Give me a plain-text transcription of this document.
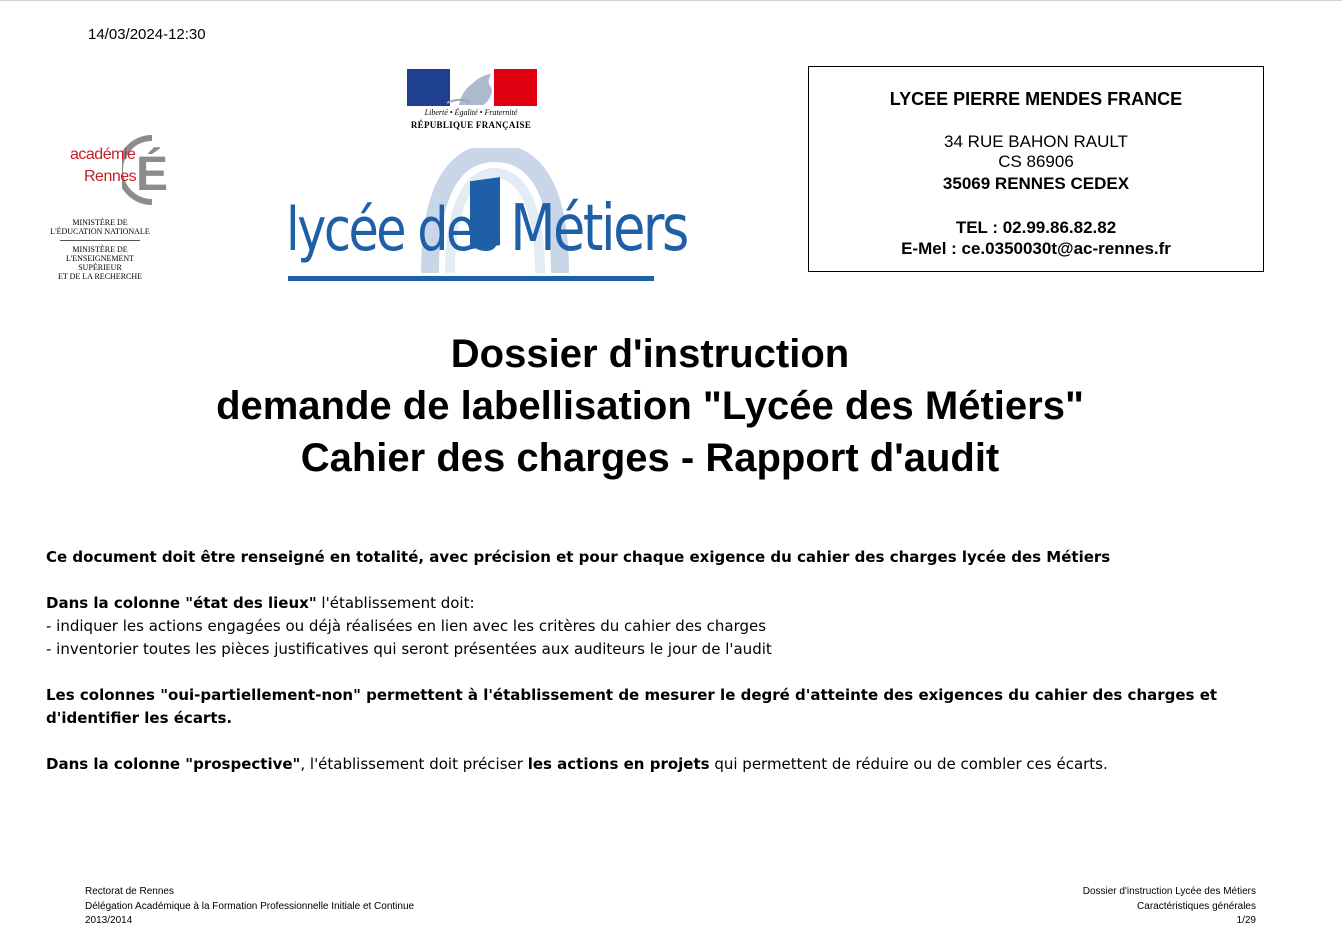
14/03/2024-12:30
É
académie
Rennes
MINISTÈRE DE
L'ÉDUCATION NATIONALE
MINISTÈRE DE
L'ENSEIGNEMENT SUPÉRIEUR
ET DE LA RECHERCHE
Liberté • Égalité • Fraternité
RÉPUBLIQUE FRANÇAISE
lycée des Métiers
LYCEE PIERRE MENDES FRANCE
34 RUE BAHON RAULT
CS 86906
35069 RENNES CEDEX
TEL : 02.99.86.82.82
E-Mel : ce.0350030t@ac-rennes.fr
Dossier d'instruction
demande de labellisation "Lycée des Métiers"
Cahier des charges - Rapport d'audit

Ce document doit être renseigné en totalité, avec précision et pour chaque exigence du cahier des charges lycée des Métiers

Dans la colonne "état des lieux" l'établissement doit:
- indiquer les actions engagées ou déjà réalisées en lien avec les critères du cahier des charges
- inventorier toutes les pièces justificatives qui seront présentées aux auditeurs le jour de l'audit

Les colonnes "oui-partiellement-non" permettent à l'établissement de mesurer le degré d'atteinte des exigences du cahier des charges et d'identifier les écarts.

Dans la colonne "prospective", l'établissement doit préciser les actions en projets qui permettent de réduire ou de combler ces écarts.

Rectorat de Rennes
Délégation Académique à la Formation Professionnelle Initiale et Continue
2013/2014
Dossier d'instruction Lycée des Métiers
Caractéristiques générales
1/29
